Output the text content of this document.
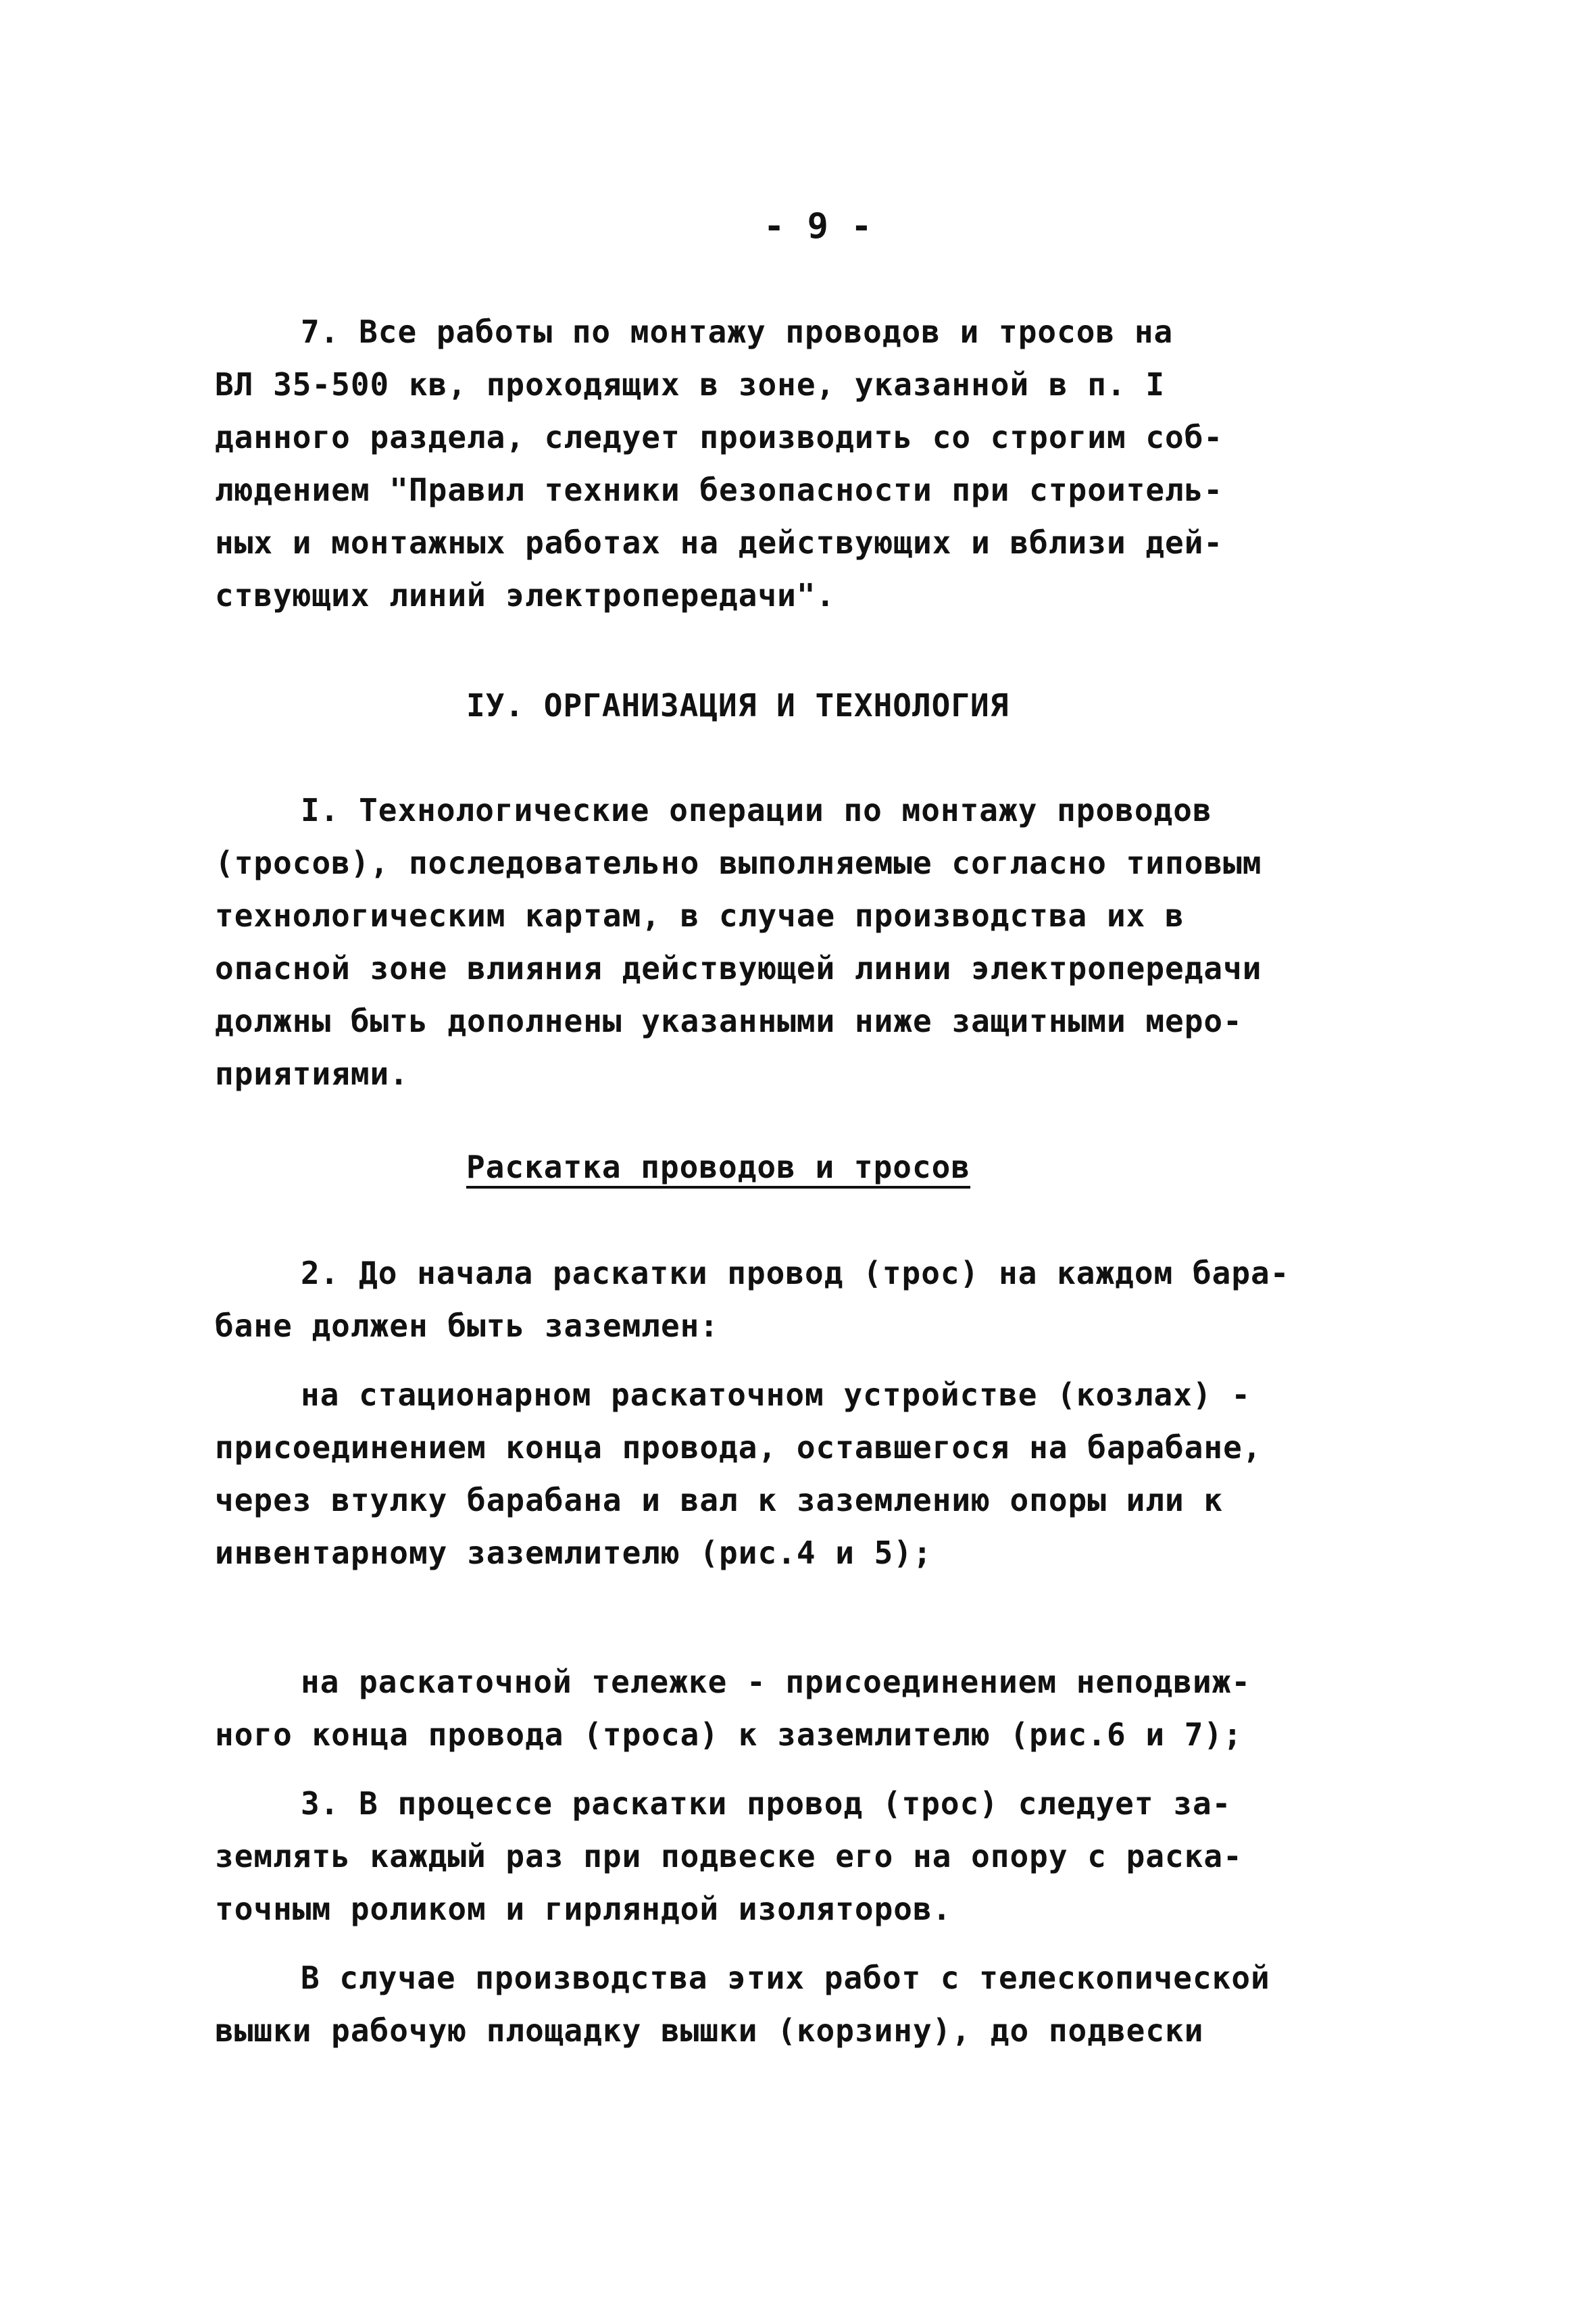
- 9 -
7. Все работы по монтажу проводов и тросов на
ВЛ 35-500 кв, проходящих в зоне, указанной в п. I
данного раздела, следует производить со строгим соб-
людением "Правил техники безопасности при строитель-
ных и монтажных работах на действующих и вблизи дей-
ствующих линий электропередачи".
IУ. ОРГАНИЗАЦИЯ И ТЕХНОЛОГИЯ
I. Технологические операции по монтажу проводов
(тросов), последовательно выполняемые согласно типовым
технологическим картам, в случае производства их в
опасной зоне влияния действующей линии электропередачи
должны быть дополнены указанными ниже защитными меро-
приятиями.
Раскатка проводов и тросов
2. До начала раскатки провод (трос) на каждом бара-
бане должен быть заземлен:
на стационарном раскаточном устройстве (козлах) -
присоединением конца провода, оставшегося на барабане,
через втулку барабана и вал к заземлению опоры или к
инвентарному заземлителю (рис.4 и 5);
на раскаточной тележке - присоединением неподвиж-
ного конца провода (троса) к заземлителю (рис.6 и 7);
3. В процессе раскатки провод (трос) следует за-
землять каждый раз при подвеске его на опору с раска-
точным роликом и гирляндой изоляторов.
В случае производства этих работ с телескопической
вышки рабочую площадку вышки (корзину), до подвески
